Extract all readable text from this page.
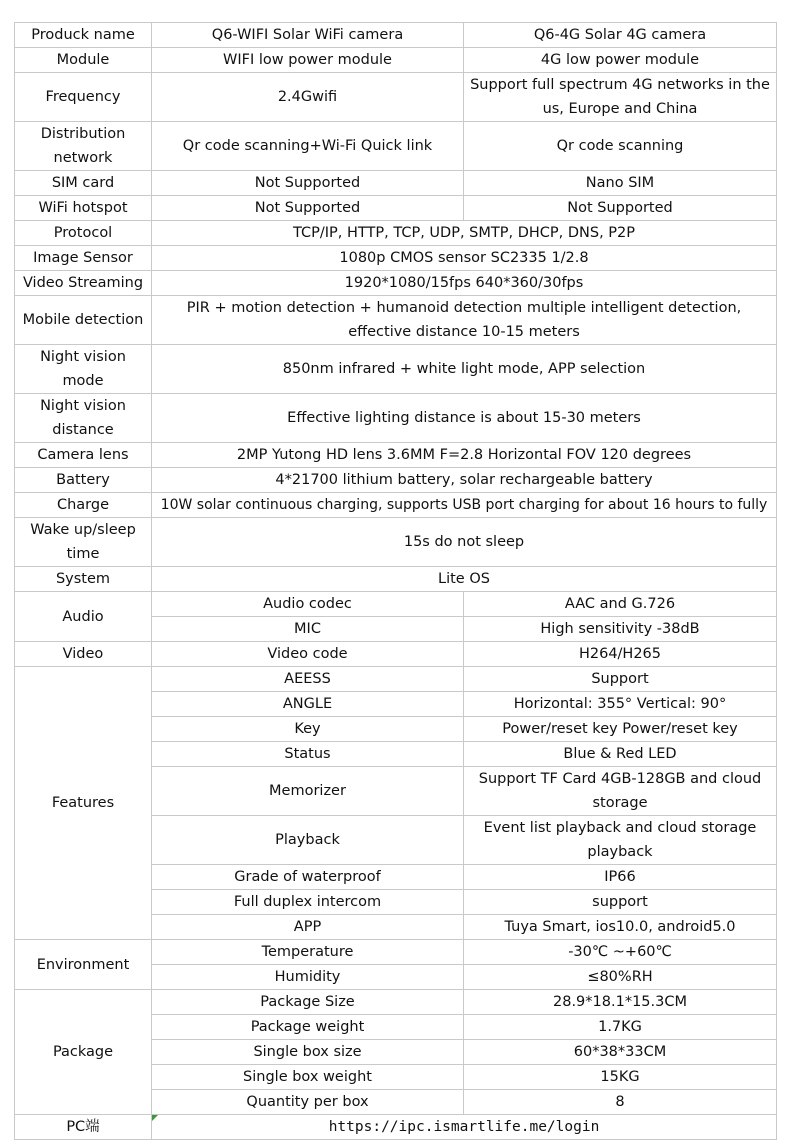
Produck name	Q6-WIFI Solar WiFi camera	Q6-4G Solar 4G camera
Module	WIFI low power module	4G low power module
Frequency	2.4Gwifi	Support full spectrum 4G networks in the us, Europe and China
Distribution network	Qr code scanning+Wi-Fi Quick link	Qr code scanning
SIM card	Not Supported	Nano SIM
WiFi hotspot	Not Supported	Not Supported
Protocol	TCP/IP, HTTP, TCP, UDP, SMTP, DHCP, DNS, P2P	
Image Sensor	1080p CMOS sensor SC2335 1/2.8	
Video Streaming	1920*1080/15fps 640*360/30fps	
Mobile detection	PIR + motion detection + humanoid detection multiple intelligent detection, effective distance 10-15 meters	
Night vision mode	850nm infrared + white light mode, APP selection	
Night vision distance	Effective lighting distance is about 15-30 meters	
Camera lens	2MP Yutong HD lens 3.6MM F=2.8 Horizontal FOV 120 degrees	
Battery	4*21700 lithium battery, solar rechargeable battery	
Charge	10W solar continuous charging, supports USB port charging for about 16 hours to fully	
Wake up/sleep time	15s do not sleep	
System	Lite OS	
Audio	Audio codec	AAC and G.726
	MIC	High sensitivity -38dB
Video	Video code	H264/H265
Features	AEESS	Support
	ANGLE	Horizontal: 355° Vertical: 90°
	Key	Power/reset key Power/reset key
	Status	Blue & Red LED
	Memorizer	Support TF Card 4GB-128GB and cloud storage
	Playback	Event list playback and cloud storage playback
	Grade of waterproof	IP66
	Full duplex intercom	support
	APP	Tuya Smart, ios10.0, android5.0
Environment	Temperature	-30℃ ~+60℃
	Humidity	≤80%RH
Package	Package Size	28.9*18.1*15.3CM
	Package weight	1.7KG
	Single box size	60*38*33CM
	Single box weight	15KG
	Quantity per box	8
PC端	https://ipc.ismartlife.me/login	
